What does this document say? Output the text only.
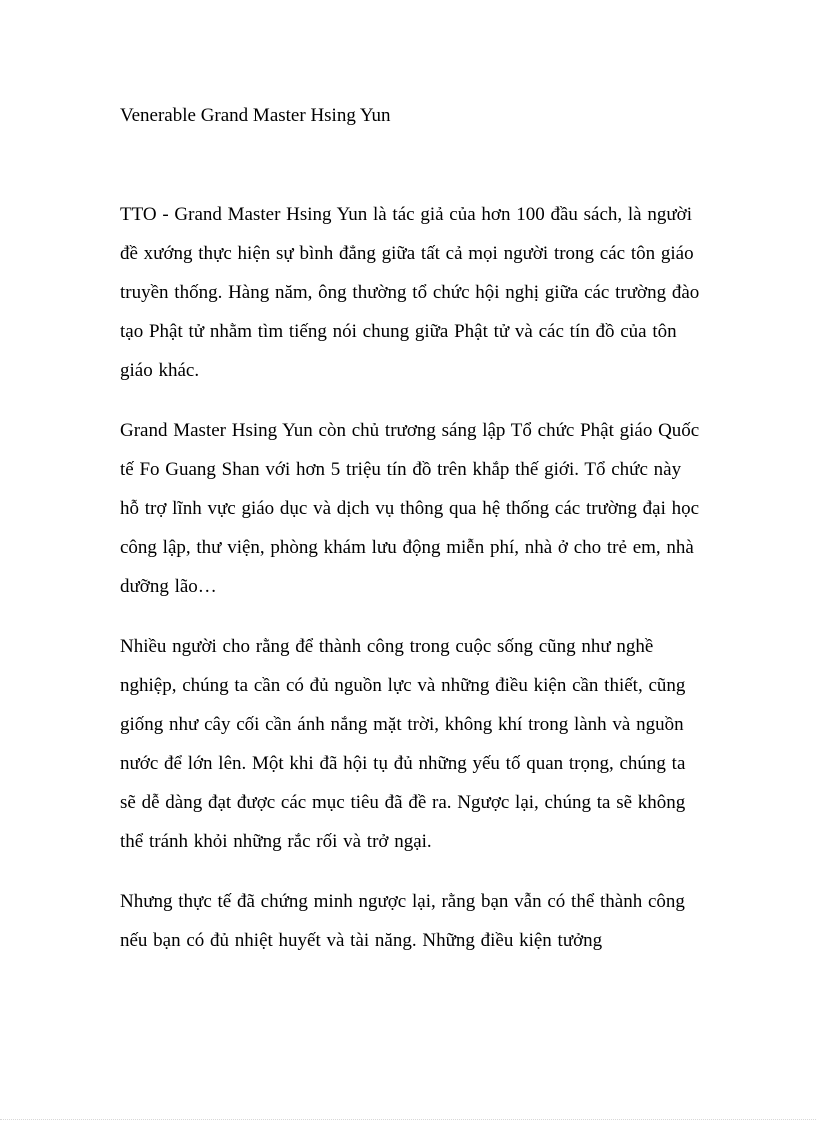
Venerable Grand Master Hsing Yun

TTO - Grand Master Hsing Yun là tác giả của hơn 100 đầu sách, là người đề xướng thực hiện sự bình đẳng giữa tất cả mọi người trong các tôn giáo truyền thống. Hàng năm, ông thường tổ chức hội nghị giữa các trường đào tạo Phật tử nhằm tìm tiếng nói chung giữa Phật tử và các tín đồ của tôn giáo khác.

Grand Master Hsing Yun còn chủ trương sáng lập Tổ chức Phật giáo Quốc tế Fo Guang Shan với hơn 5 triệu tín đồ trên khắp thế giới. Tổ chức này hỗ trợ lĩnh vực giáo dục và dịch vụ thông qua hệ thống các trường đại học công lập, thư viện, phòng khám lưu động miễn phí, nhà ở cho trẻ em, nhà dưỡng lão…

Nhiều người cho rằng để thành công trong cuộc sống cũng như nghề nghiệp, chúng ta cần có đủ nguồn lực và những điều kiện cần thiết, cũng giống như cây cối cần ánh nắng mặt trời, không khí trong lành và nguồn nước để lớn lên. Một khi đã hội tụ đủ những yếu tố quan trọng, chúng ta sẽ dễ dàng đạt được các mục tiêu đã đề ra. Ngược lại, chúng ta sẽ không thể tránh khỏi những rắc rối và trở ngại.

Nhưng thực tế đã chứng minh ngược lại, rằng bạn vẫn có thể thành công nếu bạn có đủ nhiệt huyết và tài năng. Những điều kiện tưởng
